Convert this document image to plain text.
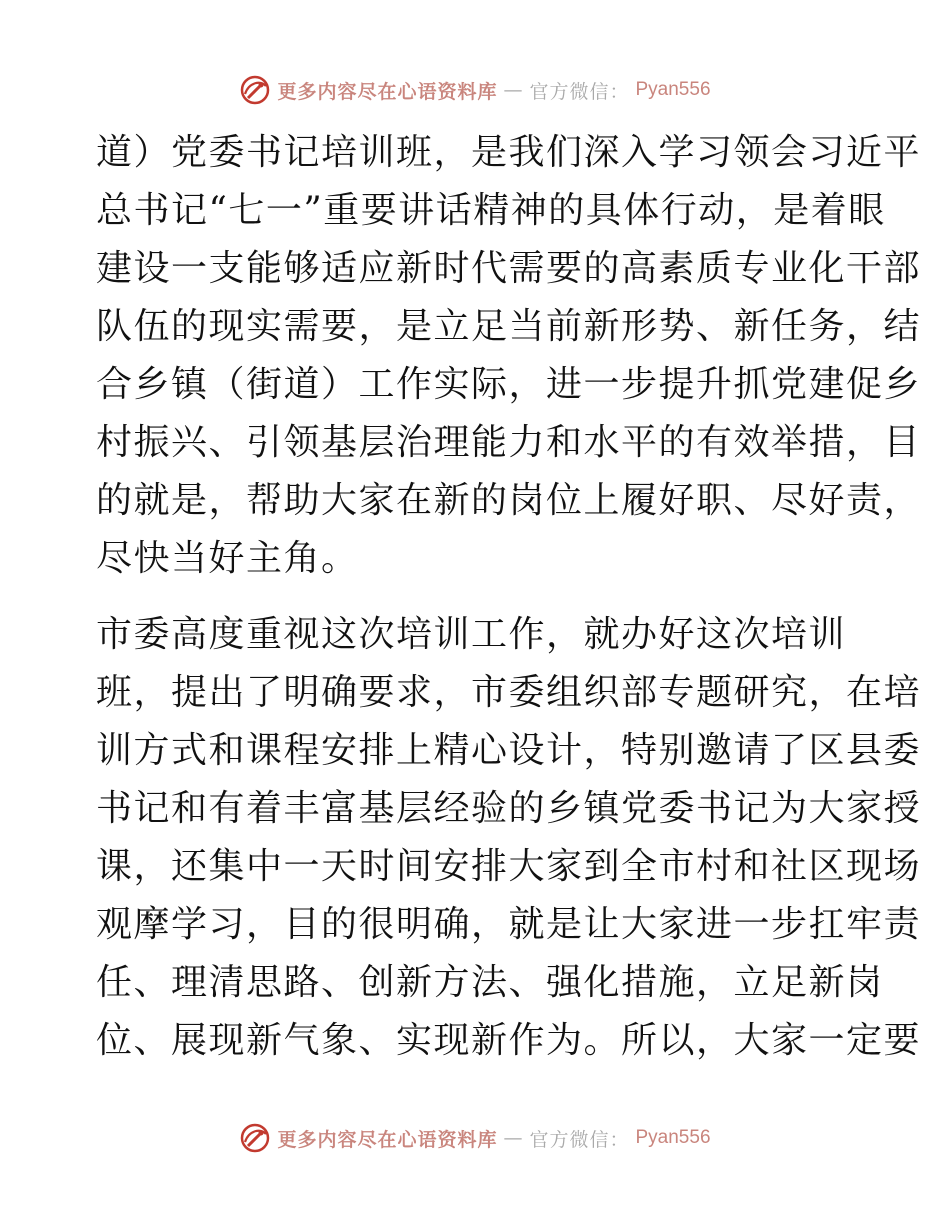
更多内容尽在心语资料库 — 官方微信： Pyan556
道）党委书记培训班，是我们深入学习领会习近平
总书记“七一”重要讲话精神的具体行动，是着眼
建设一支能够适应新时代需要的高素质专业化干部
队伍的现实需要，是立足当前新形势、新任务，结
合乡镇（街道）工作实际，进一步提升抓党建促乡
村振兴、引领基层治理能力和水平的有效举措，目
的就是，帮助大家在新的岗位上履好职、尽好责，
尽快当好主角。
市委高度重视这次培训工作，就办好这次培训
班，提出了明确要求，市委组织部专题研究，在培
训方式和课程安排上精心设计，特别邀请了区县委
书记和有着丰富基层经验的乡镇党委书记为大家授
课，还集中一天时间安排大家到全市村和社区现场
观摩学习，目的很明确，就是让大家进一步扛牢责
任、理清思路、创新方法、强化措施，立足新岗
位、展现新气象、实现新作为。所以，大家一定要
更多内容尽在心语资料库 — 官方微信： Pyan556
